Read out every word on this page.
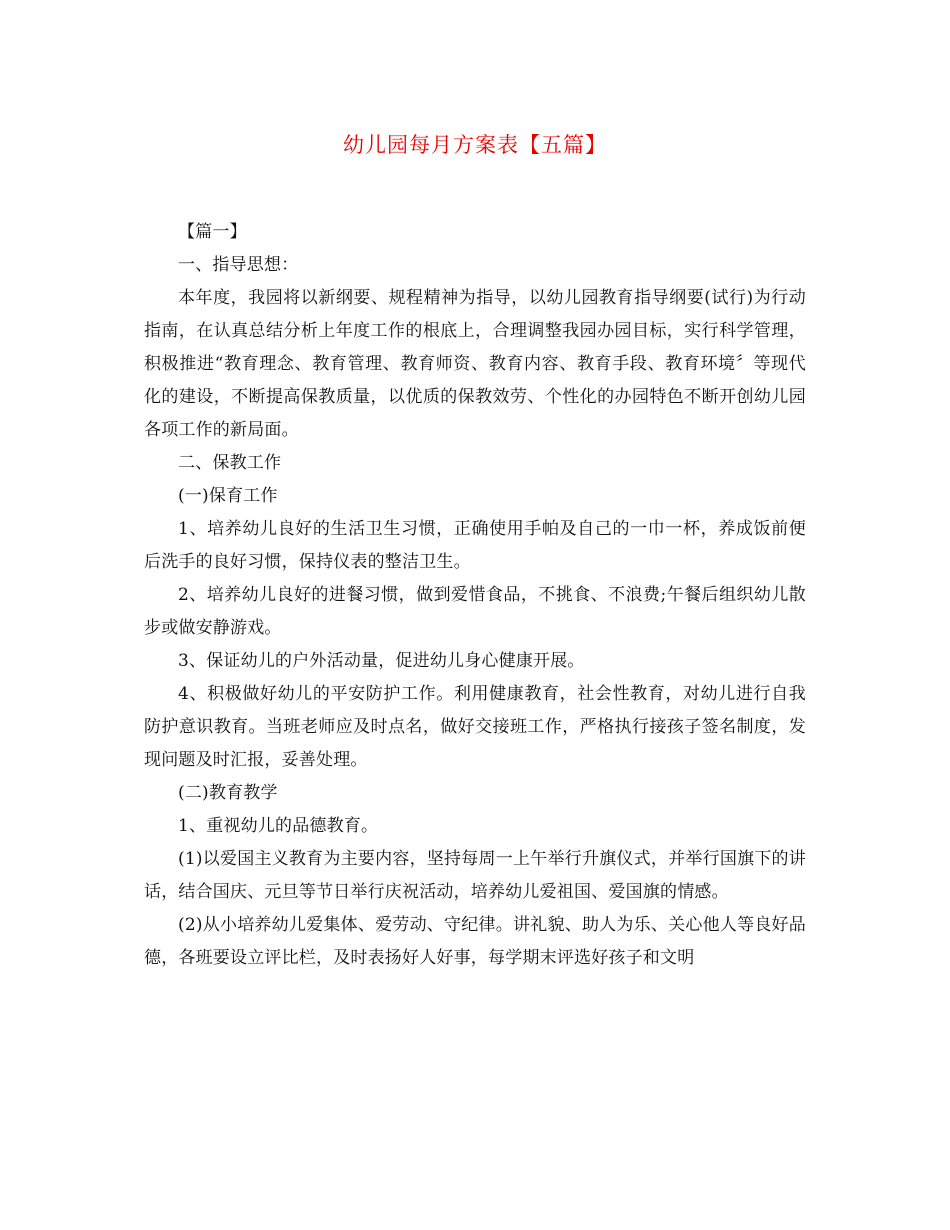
幼儿园每月方案表【五篇】

【篇一】

一、指导思想：

本年度，我园将以新纲要、规程精神为指导，以幼儿园教育指导纲要(试行)为行动指南，在认真总结分析上年度工作的根底上，合理调整我园办园目标，实行科学管理，积极推进“教育理念、教育管理、教育师资、教育内容、教育手段、教育环境〞等现代化的建设，不断提高保教质量，以优质的保教效劳、个性化的办园特色不断开创幼儿园各项工作的新局面。

二、保教工作

(一)保育工作

1、培养幼儿良好的生活卫生习惯，正确使用手帕及自己的一巾一杯，养成饭前便后洗手的良好习惯，保持仪表的整洁卫生。

2、培养幼儿良好的进餐习惯，做到爱惜食品，不挑食、不浪费;午餐后组织幼儿散步或做安静游戏。

3、保证幼儿的户外活动量，促进幼儿身心健康开展。

4、积极做好幼儿的平安防护工作。利用健康教育，社会性教育，对幼儿进行自我防护意识教育。当班老师应及时点名，做好交接班工作，严格执行接孩子签名制度，发现问题及时汇报，妥善处理。

(二)教育教学

1、重视幼儿的品德教育。

(1)以爱国主义教育为主要内容，坚持每周一上午举行升旗仪式，并举行国旗下的讲话，结合国庆、元旦等节日举行庆祝活动，培养幼儿爱祖国、爱国旗的情感。

(2)从小培养幼儿爱集体、爱劳动、守纪律。讲礼貌、助人为乐、关心他人等良好品德，各班要设立评比栏，及时表扬好人好事，每学期末评选好孩子和文明
